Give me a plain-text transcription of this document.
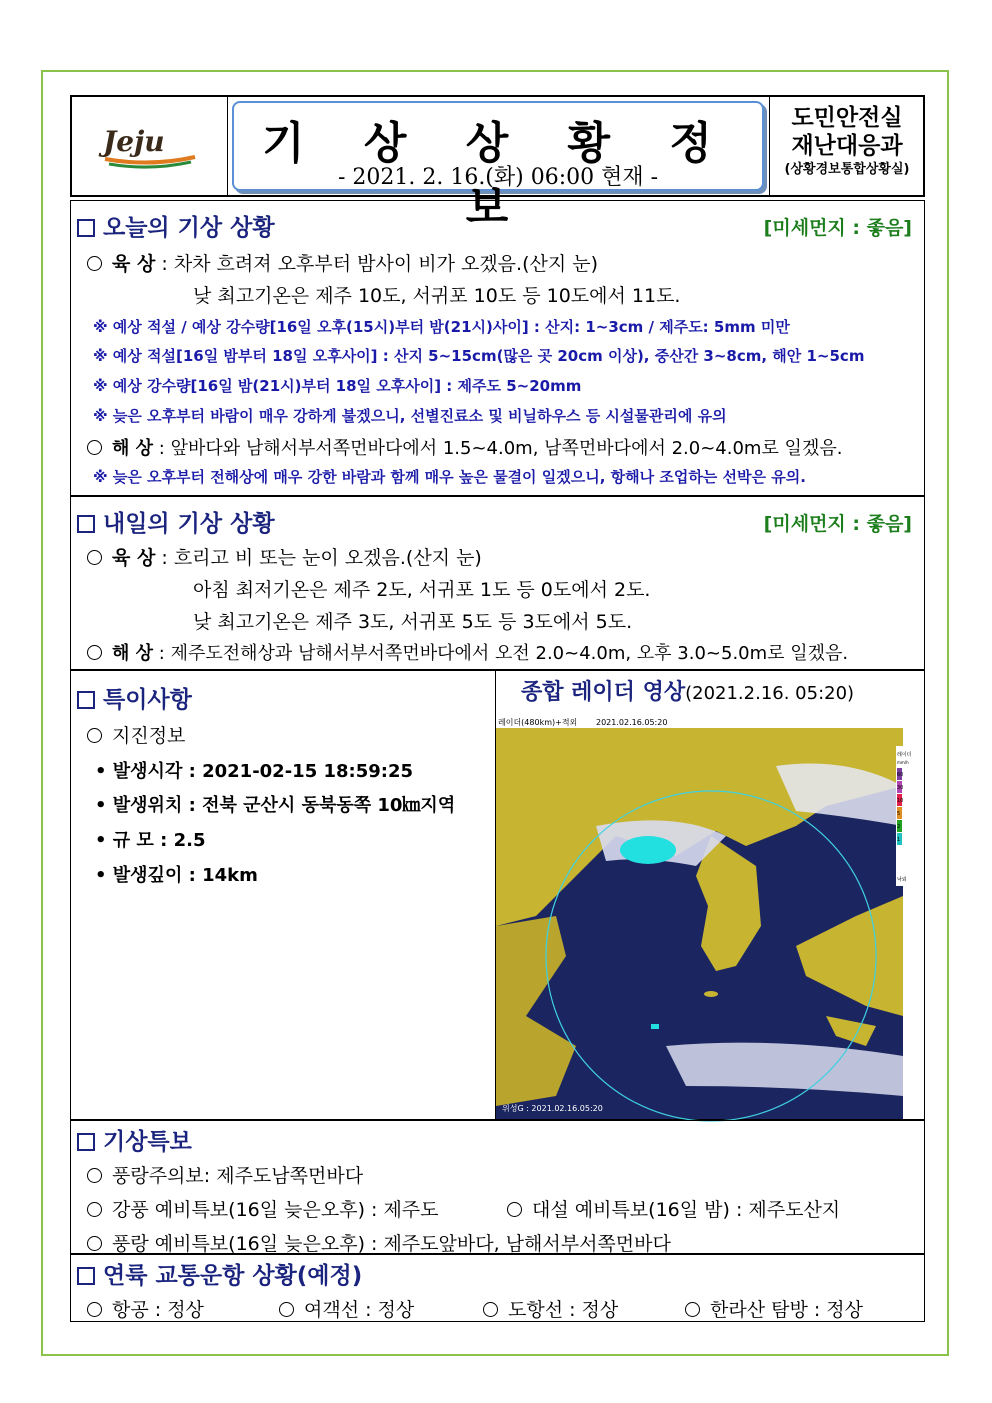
Jeju	기 상 상 황 정 보
- 2021. 2. 16.(화) 06:00 현재 -
도민안전실
재난대응과
(상황경보통합상황실)
오늘의 기상 상황	[미세먼지 : 좋음]
육 상 : 차차 흐려져 오후부터 밤사이 비가 오겠음.(산지 눈)
낮 최고기온은 제주 10도, 서귀포 10도 등 10도에서 11도.
※ 예상 적설 / 예상 강수량[16일 오후(15시)부터 밤(21시)사이] : 산지: 1~3cm / 제주도: 5mm 미만
※ 예상 적설[16일 밤부터 18일 오후사이] : 산지 5~15cm(많은 곳 20cm 이상), 중산간 3~8cm, 해안 1~5cm
※ 예상 강수량[16일 밤(21시)부터 18일 오후사이] : 제주도 5~20mm
※ 늦은 오후부터 바람이 매우 강하게 불겠으니, 선별진료소 및 비닐하우스 등 시설물관리에 유의
해 상 : 앞바다와 남해서부서쪽먼바다에서 1.5~4.0m, 남쪽먼바다에서 2.0~4.0m로 일겠음.
※ 늦은 오후부터 전해상에 매우 강한 바람과 함께 매우 높은 물결이 일겠으니, 항해나 조업하는 선박은 유의.
내일의 기상 상황	[미세먼지 : 좋음]
육 상 : 흐리고 비 또는 눈이 오겠음.(산지 눈)
아침 최저기온은 제주 2도, 서귀포 1도 등 0도에서 2도.
낮 최고기온은 제주 3도, 서귀포 5도 등 3도에서 5도.
해 상 : 제주도전해상과 남해서부서쪽먼바다에서 오전 2.0~4.0m, 오후 3.0~5.0m로 일겠음.
특이사항
지진정보
• 발생시각 : 2021-02-15 18:59:25
• 발생위치 : 전북 군산시 동북동쪽 10㎞지역
• 규 모 : 2.5
• 발생깊이 : 14km
종합 레이더 영상(2021.2.16. 05:20)
레이더(480km)+적외 2021.02.16.05:20
위성G : 2021.02.16.05:20
레이더
60
30
10
5
2
1
mm/h
낙뢰
기상특보
풍랑주의보: 제주도남쪽먼바다
강풍 예비특보(16일 늦은오후) : 제주도	대설 예비특보(16일 밤) : 제주도산지
풍랑 예비특보(16일 늦은오후) : 제주도앞바다, 남해서부서쪽먼바다
연륙 교통운항 상황(예정)
항공 : 정상	여객선 : 정상	도항선 : 정상	한라산 탐방 : 정상
